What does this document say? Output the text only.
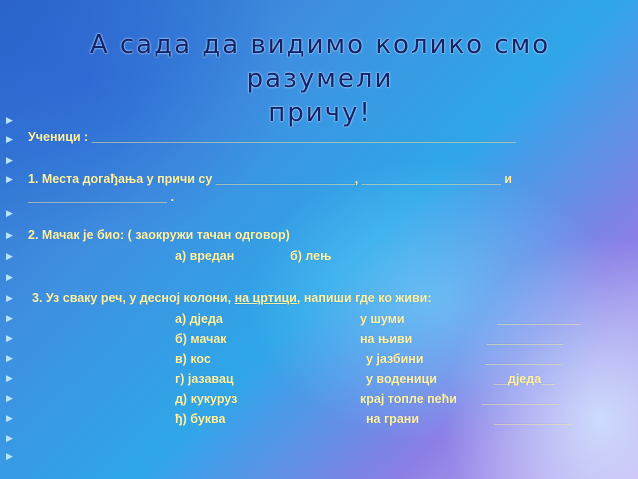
А сада да видимо колико смо разумели
причу!
▶
▶
▶
▶
▶
▶
▶
▶
▶
▶
▶
▶
▶
▶
▶
▶
▶
Ученици : _____________________________________________________________
1. Места догађања у причи су ____________________, ____________________ и
____________________ .
2. Мачак је био: ( заокружи тачан одговор)
а) вредан	б) лењ
3. Уз сваку реч, у десној колони, на цртици, напиши где ко живи:
а) дједа	у шуми	____________
б) мачак	на њиви	___________
в) кос	у јазбини	___________
г) јазавац	у воденици	__дједа__
д) кукуруз	крај топле пећи ___________
ђ) буква	на грани	___________
